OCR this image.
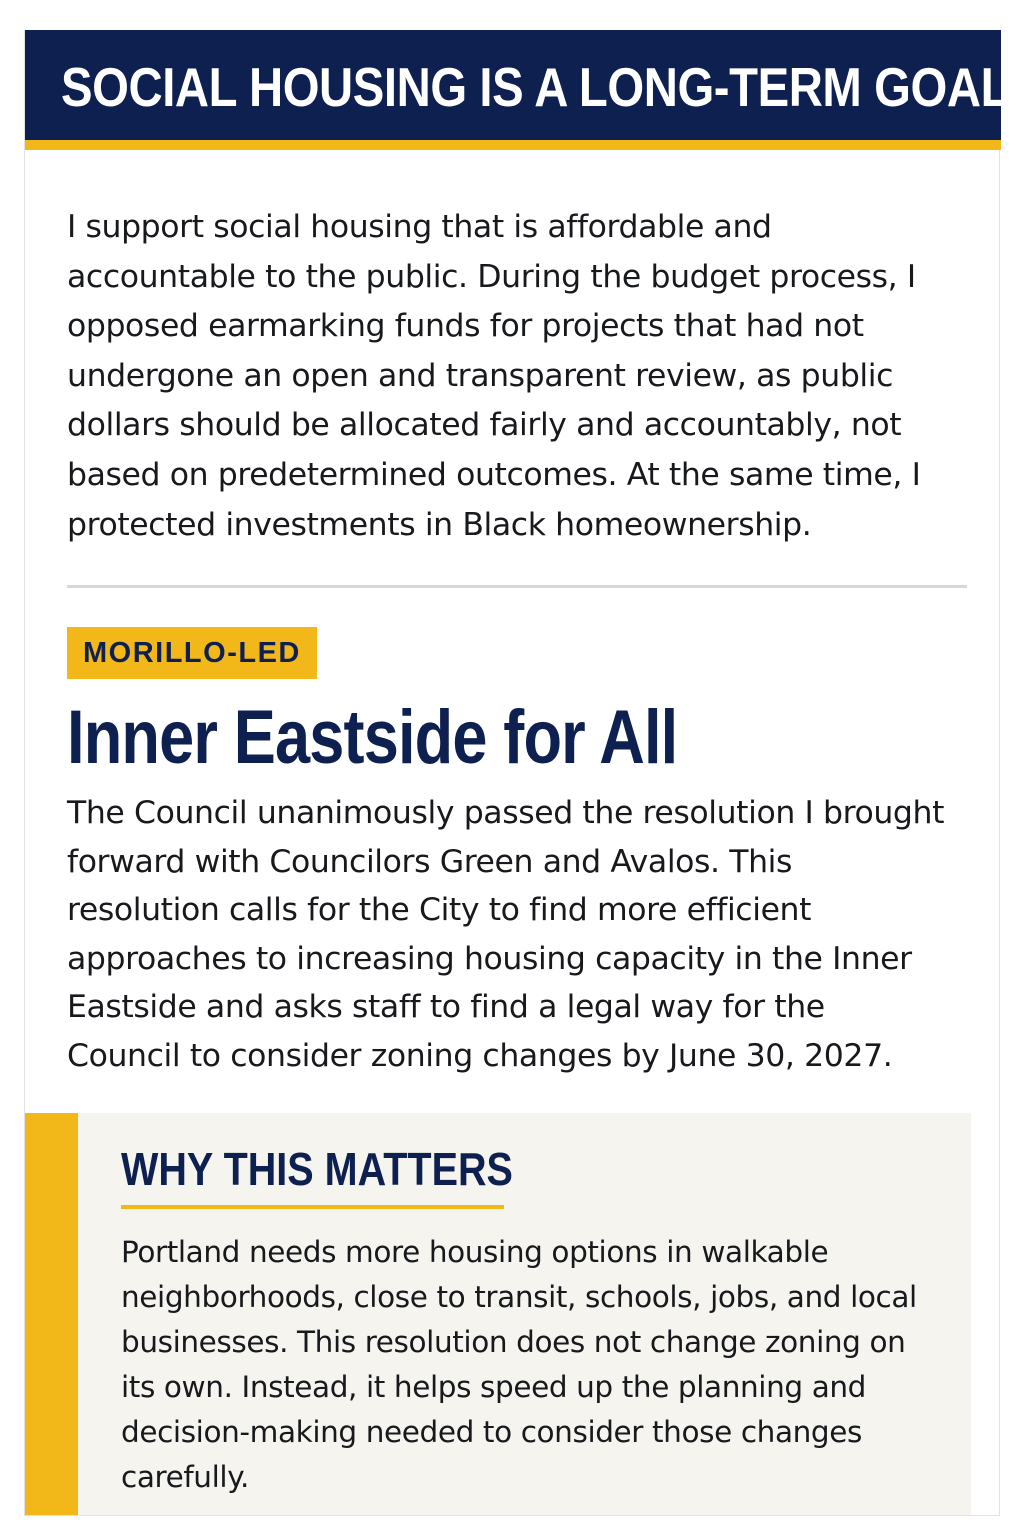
SOCIAL HOUSING IS A LONG-TERM GOAL

I support social housing that is affordable and accountable to the public. During the budget process, I opposed earmarking funds for projects that had not undergone an open and transparent review, as public dollars should be allocated fairly and accountably, not based on predetermined outcomes. At the same time, I protected investments in Black homeownership.

MORILLO-LED
Inner Eastside for All

The Council unanimously passed the resolution I brought forward with Councilors Green and Avalos. This resolution calls for the City to find more efficient approaches to increasing housing capacity in the Inner Eastside and asks staff to find a legal way for the Council to consider zoning changes by June 30, 2027.

WHY THIS MATTERS

Portland needs more housing options in walkable neighborhoods, close to transit, schools, jobs, and local businesses. This resolution does not change zoning on its own. Instead, it helps speed up the planning and decision-making needed to consider those changes carefully.
